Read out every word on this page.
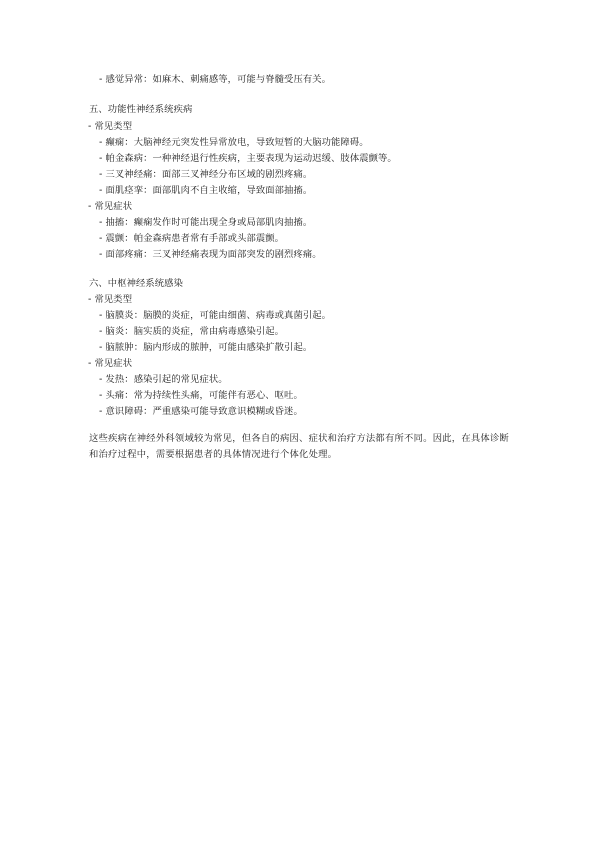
- 感觉异常：如麻木、刺痛感等，可能与脊髓受压有关。
五、功能性神经系统疾病
- 常见类型
- 癫痫：大脑神经元突发性异常放电，导致短暂的大脑功能障碍。
- 帕金森病：一种神经退行性疾病，主要表现为运动迟缓、肢体震颤等。
- 三叉神经痛：面部三叉神经分布区域的剧烈疼痛。
- 面肌痉挛：面部肌肉不自主收缩，导致面部抽搐。
- 常见症状
- 抽搐：癫痫发作时可能出现全身或局部肌肉抽搐。
- 震颤：帕金森病患者常有手部或头部震颤。
- 面部疼痛：三叉神经痛表现为面部突发的剧烈疼痛。
六、中枢神经系统感染
- 常见类型
- 脑膜炎：脑膜的炎症，可能由细菌、病毒或真菌引起。
- 脑炎：脑实质的炎症，常由病毒感染引起。
- 脑脓肿：脑内形成的脓肿，可能由感染扩散引起。
- 常见症状
- 发热：感染引起的常见症状。
- 头痛：常为持续性头痛，可能伴有恶心、呕吐。
- 意识障碍：严重感染可能导致意识模糊或昏迷。
这些疾病在神经外科领域较为常见，但各自的病因、症状和治疗方法都有所不同。因此，在具体诊断和治疗过程中，需要根据患者的具体情况进行个体化处理。
